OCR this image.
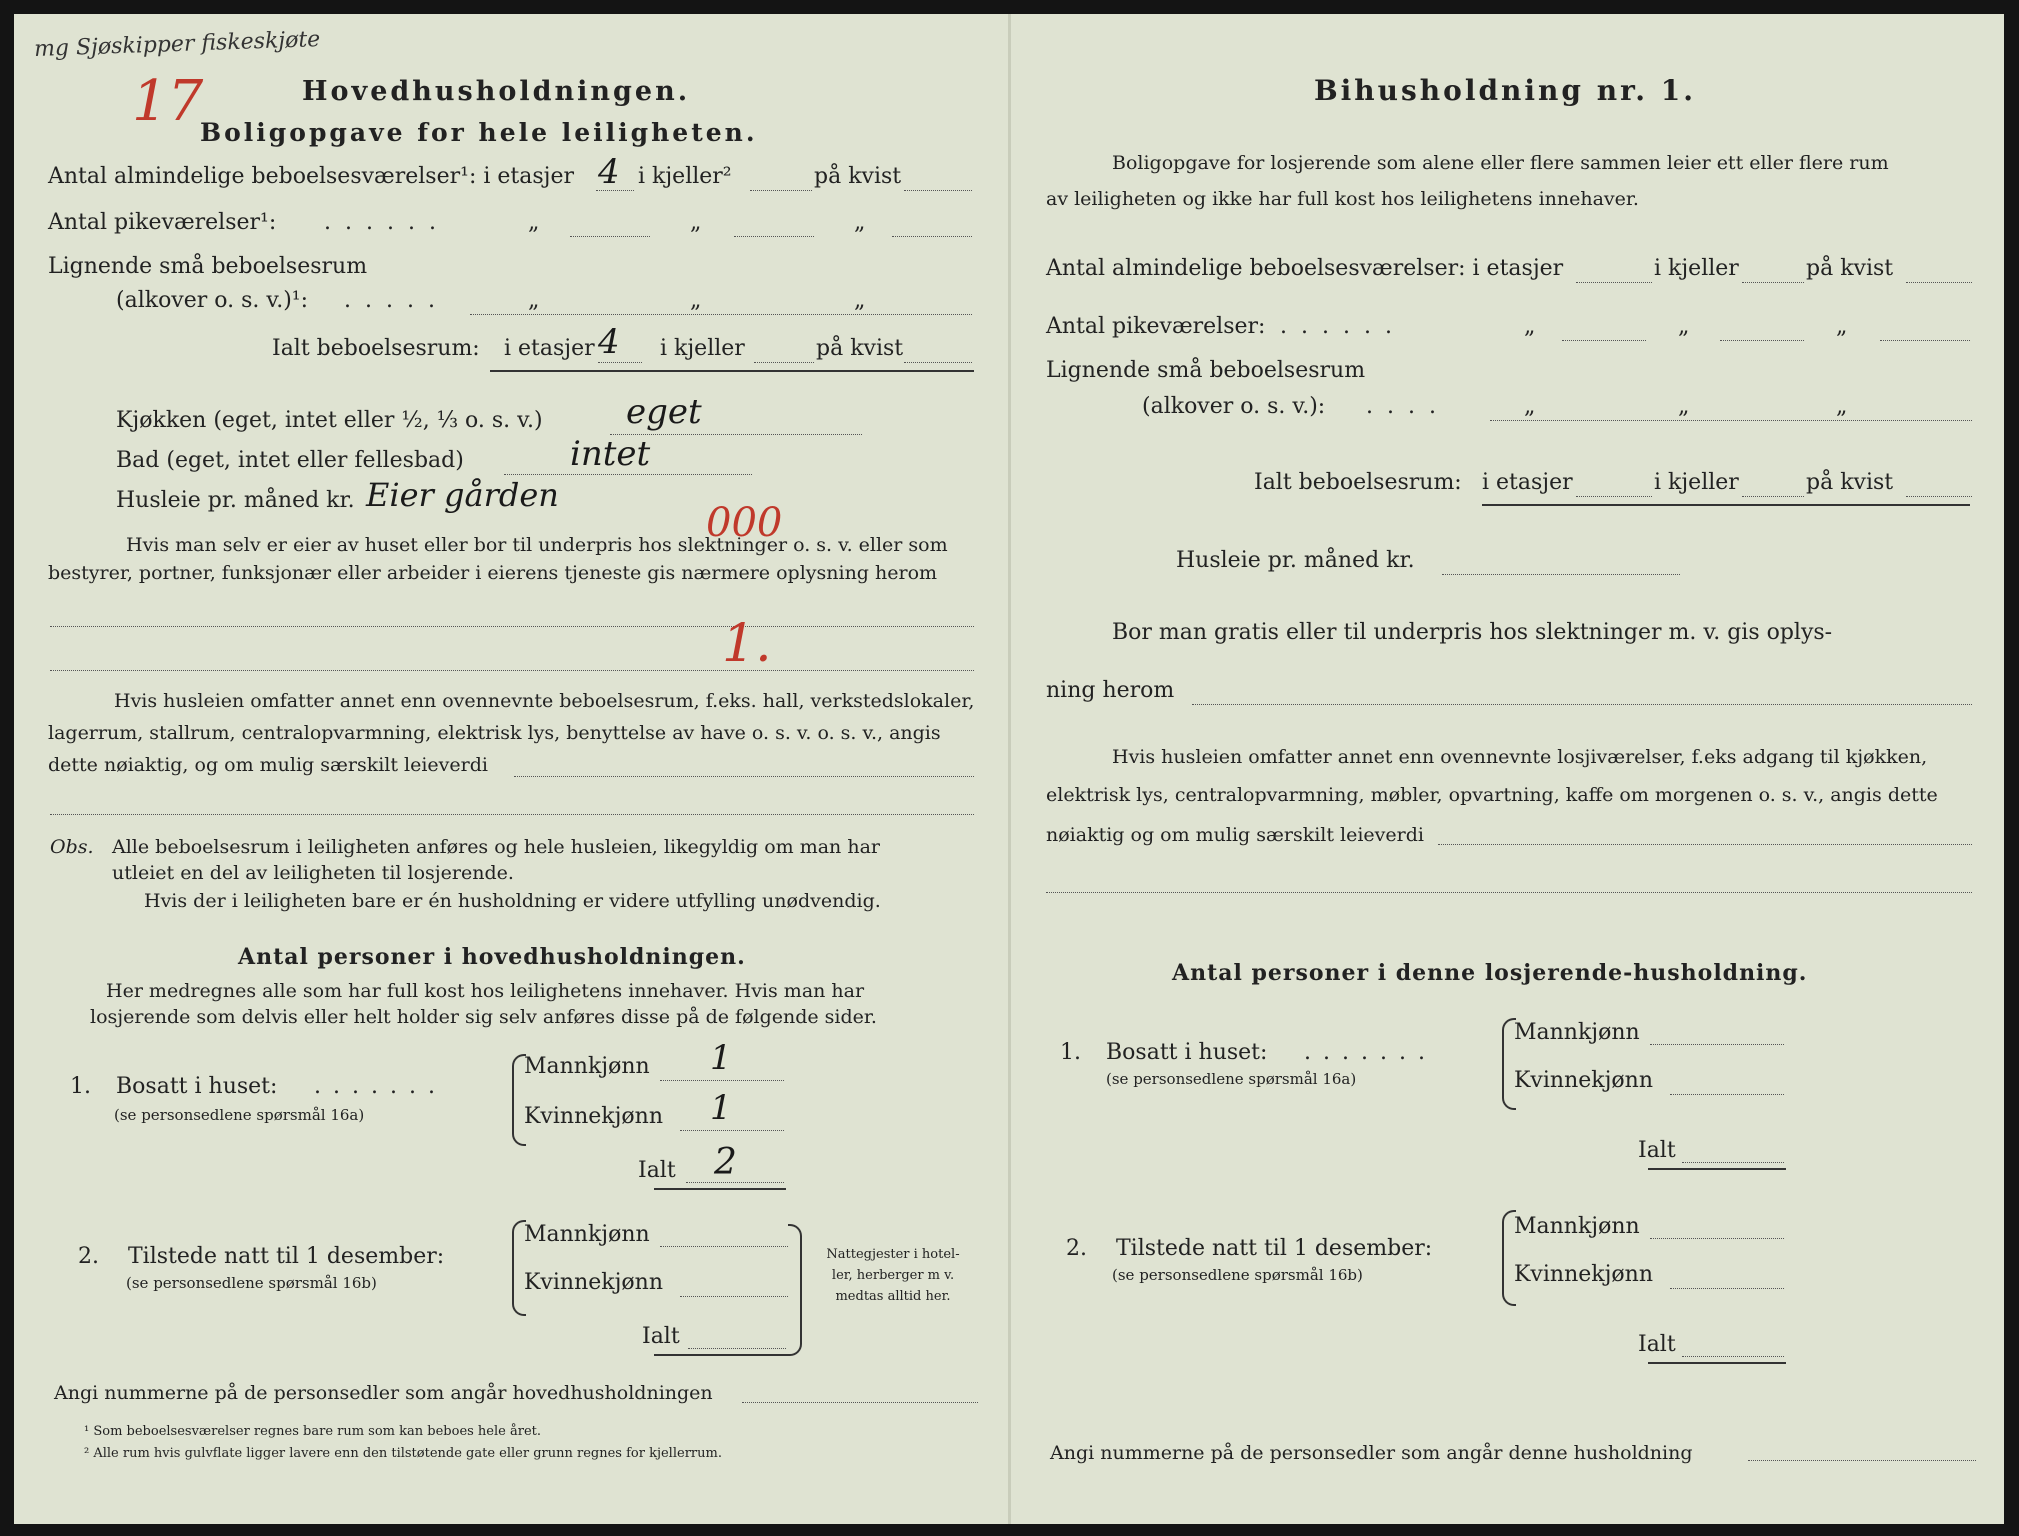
mg Sjøskipper fiskeskjøte
17	Hovedhusholdningen.
Boligopgave for hele leiligheten.
Antal almindelige beboelsesværelser¹: i etasjer 4 i kjeller²	på kvist
Antal pikeværelser¹: ......	„	„	„
Lignende små beboelsesrum
(alkover o. s. v.)¹: .....	„	„	„
Ialt beboelsesrum: i etasjer 4 i kjeller	på kvist
Kjøkken (eget, intet eller ½, ⅓ o. s. v.) eget
Bad (eget, intet eller fellesbad)	intet
Husleie pr. måned kr. Eier gården
000
Hvis man selv er eier av huset eller bor til underpris hos slektninger o. s. v. eller som
bestyrer, portner, funksjonær eller arbeider i eierens tjeneste gis nærmere oplysning herom
1.
Hvis husleien omfatter annet enn ovennevnte beboelsesrum, f.eks. hall, verkstedslokaler,
lagerrum, stallrum, centralopvarmning, elektrisk lys, benyttelse av have o. s. v. o. s. v., angis
dette nøiaktig, og om mulig særskilt leieverdi
Obs. Alle beboelsesrum i leiligheten anføres og hele husleien, likegyldig om man har
utleiet en del av leiligheten til losjerende.
Hvis der i leiligheten bare er én husholdning er videre utfylling unødvendig.
Antal personer i hovedhusholdningen.
Her medregnes alle som har full kost hos leilighetens innehaver. Hvis man har
losjerende som delvis eller helt holder sig selv anføres disse på de følgende sider.
1. Bosatt i huset: .......
(se personsedlene spørsmål 16a)
Mannkjønn 1
Kvinnekjønn 1
Ialt 2
2. Tilstede natt til 1 desember:
(se personsedlene spørsmål 16b)
Mannkjønn
Kvinnekjønn
Ialt
Nattegjester i hotel-
ler, herberger m v.
medtas alltid her.
Angi nummerne på de personsedler som angår hovedhusholdningen
¹ Som beboelsesværelser regnes bare rum som kan beboes hele året.
² Alle rum hvis gulvflate ligger lavere enn den tilstøtende gate eller grunn regnes for kjellerrum.
Bihusholdning nr. 1.
Boligopgave for losjerende som alene eller flere sammen leier ett eller flere rum
av leiligheten og ikke har full kost hos leilighetens innehaver.
Antal almindelige beboelsesværelser: i etasjer	i kjeller	på kvist
Antal pikeværelser: ......	„	„	„
Lignende små beboelsesrum
(alkover o. s. v.): ....	„	„	„
Ialt beboelsesrum: i etasjer	i kjeller	på kvist
Husleie pr. måned kr.
Bor man gratis eller til underpris hos slektninger m. v. gis oplys-
ning herom
Hvis husleien omfatter annet enn ovennevnte losjiværelser, f.eks adgang til kjøkken,
elektrisk lys, centralopvarmning, møbler, opvartning, kaffe om morgenen o. s. v., angis dette
nøiaktig og om mulig særskilt leieverdi
Antal personer i denne losjerende-husholdning.
1. Bosatt i huset: .......
(se personsedlene spørsmål 16a)
Mannkjønn
Kvinnekjønn
Ialt
2. Tilstede natt til 1 desember:
(se personsedlene spørsmål 16b)
Mannkjønn
Kvinnekjønn
Ialt
Angi nummerne på de personsedler som angår denne husholdning
